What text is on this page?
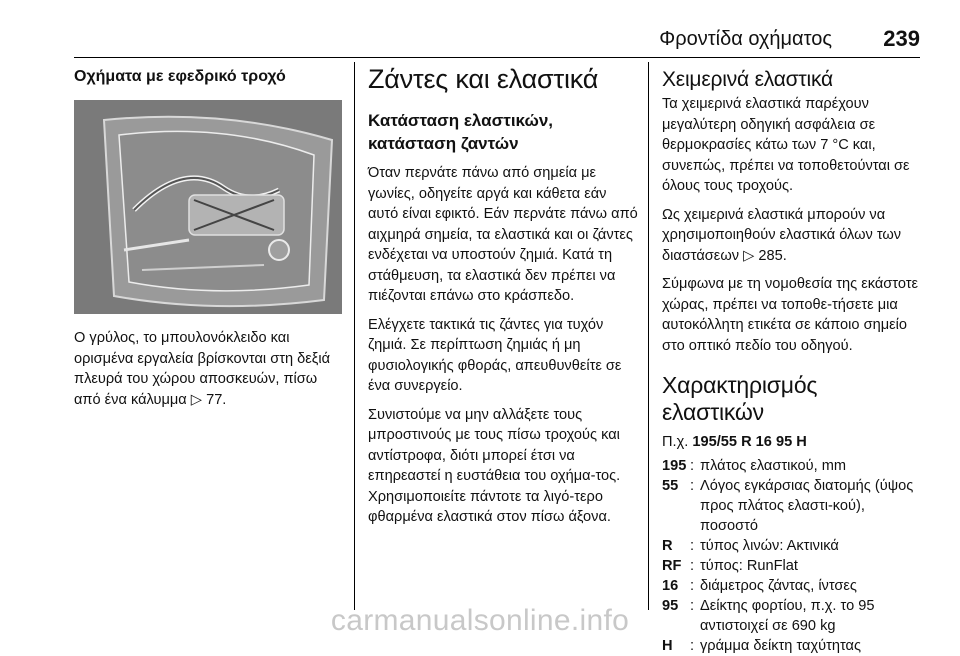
Φροντίδα οχήματος 239

Οχήματα με εφεδρικό τροχό

Ο γρύλος, το μπουλονόκλειδο και ορισμένα εργαλεία βρίσκονται στη δεξιά πλευρά του χώρου αποσκευών, πίσω από ένα κάλυμμα ▷ 77.

Ζάντες και ελαστικά
Κατάσταση ελαστικών, κατάσταση ζαντών

Όταν περνάτε πάνω από σημεία με γωνίες, οδηγείτε αργά και κάθετα εάν αυτό είναι εφικτό. Εάν περνάτε πάνω από αιχμηρά σημεία, τα ελαστικά και οι ζάντες ενδέχεται να υποστούν ζημιά. Κατά τη στάθμευση, τα ελαστικά δεν πρέπει να πιέζονται επάνω στο κράσπεδο.

Ελέγχετε τακτικά τις ζάντες για τυχόν ζημιά. Σε περίπτωση ζημιάς ή μη φυσιολογικής φθοράς, απευθυνθείτε σε ένα συνεργείο.

Συνιστούμε να μην αλλάξετε τους μπροστινούς με τους πίσω τροχούς και αντίστροφα, διότι μπορεί έτσι να επηρεαστεί η ευστάθεια του οχήμα‑τος. Χρησιμοποιείτε πάντοτε τα λιγό‑τερο φθαρμένα ελαστικά στον πίσω άξονα.

Χειμερινά ελαστικά

Τα χειμερινά ελαστικά παρέχουν μεγαλύτερη οδηγική ασφάλεια σε θερμοκρασίες κάτω των 7 °C και, συνεπώς, πρέπει να τοποθετούνται σε όλους τους τροχούς.

Ως χειμερινά ελαστικά μπορούν να χρησιμοποιηθούν ελαστικά όλων των διαστάσεων ▷ 285.

Σύμφωνα με τη νομοθεσία της εκάστοτε χώρας, πρέπει να τοποθε‑τήσετε μια αυτοκόλλητη ετικέτα σε κάποιο σημείο στο οπτικό πεδίο του οδηγού.

Χαρακτηρισμός ελαστικών

Π.χ. 195/55 R 16 95 H

195	:	πλάτος ελαστικού, mm
55	:	Λόγος εγκάρσιας διατομής (ύψος προς πλάτος ελαστι‑κού), ποσοστό
R	:	τύπος λινών: Ακτινικά
RF	:	τύπος: RunFlat
16	:	διάμετρος ζάντας, ίντσες
95	:	Δείκτης φορτίου, π.χ. το 95 αντιστοιχεί σε 690 kg
H	:	γράμμα δείκτη ταχύτητας
carmanualsonline.info
